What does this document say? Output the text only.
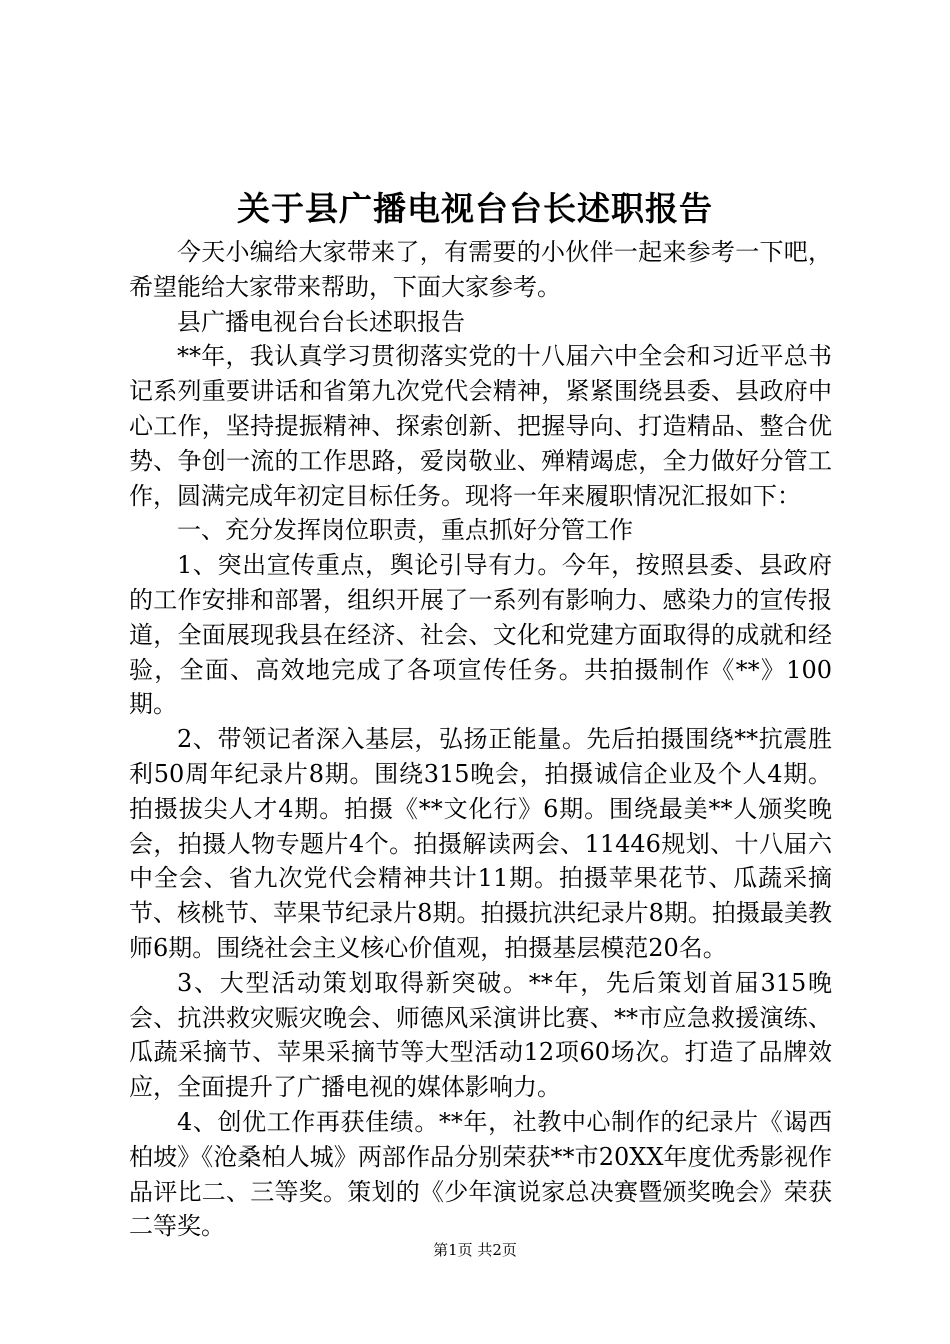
关于县广播电视台台长述职报告

今天小编给大家带来了，有需要的小伙伴一起来参考一下吧，希望能给大家带来帮助，下面大家参考。

县广播电视台台长述职报告

**年，我认真学习贯彻落实党的十八届六中全会和习近平总书记系列重要讲话和省第九次党代会精神，紧紧围绕县委、县政府中心工作，坚持提振精神、探索创新、把握导向、打造精品、整合优势、争创一流的工作思路，爱岗敬业、殚精竭虑，全力做好分管工作，圆满完成年初定目标任务。现将一年来履职情况汇报如下：

一、充分发挥岗位职责，重点抓好分管工作

1、突出宣传重点，舆论引导有力。今年，按照县委、县政府的工作安排和部署，组织开展了一系列有影响力、感染力的宣传报道，全面展现我县在经济、社会、文化和党建方面取得的成就和经验，全面、高效地完成了各项宣传任务。共拍摄制作《**》100期。

2、带领记者深入基层，弘扬正能量。先后拍摄围绕**抗震胜利50周年纪录片8期。围绕315晚会，拍摄诚信企业及个人4期。拍摄拔尖人才4期。拍摄《**文化行》6期。围绕最美**人颁奖晚会，拍摄人物专题片4个。拍摄解读两会、11446规划、十八届六中全会、省九次党代会精神共计11期。拍摄苹果花节、瓜蔬采摘节、核桃节、苹果节纪录片8期。拍摄抗洪纪录片8期。拍摄最美教师6期。围绕社会主义核心价值观，拍摄基层模范20名。

3、大型活动策划取得新突破。**年，先后策划首届315晚会、抗洪救灾赈灾晚会、师德风采演讲比赛、**市应急救援演练、瓜蔬采摘节、苹果采摘节等大型活动12项60场次。打造了品牌效应，全面提升了广播电视的媒体影响力。

4、创优工作再获佳绩。**年，社教中心制作的纪录片《谒西柏坡》《沧桑柏人城》两部作品分别荣获**市20XX年度优秀影视作品评比二、三等奖。策划的《少年演说家总决赛暨颁奖晚会》荣获二等奖。

第1页 共2页
